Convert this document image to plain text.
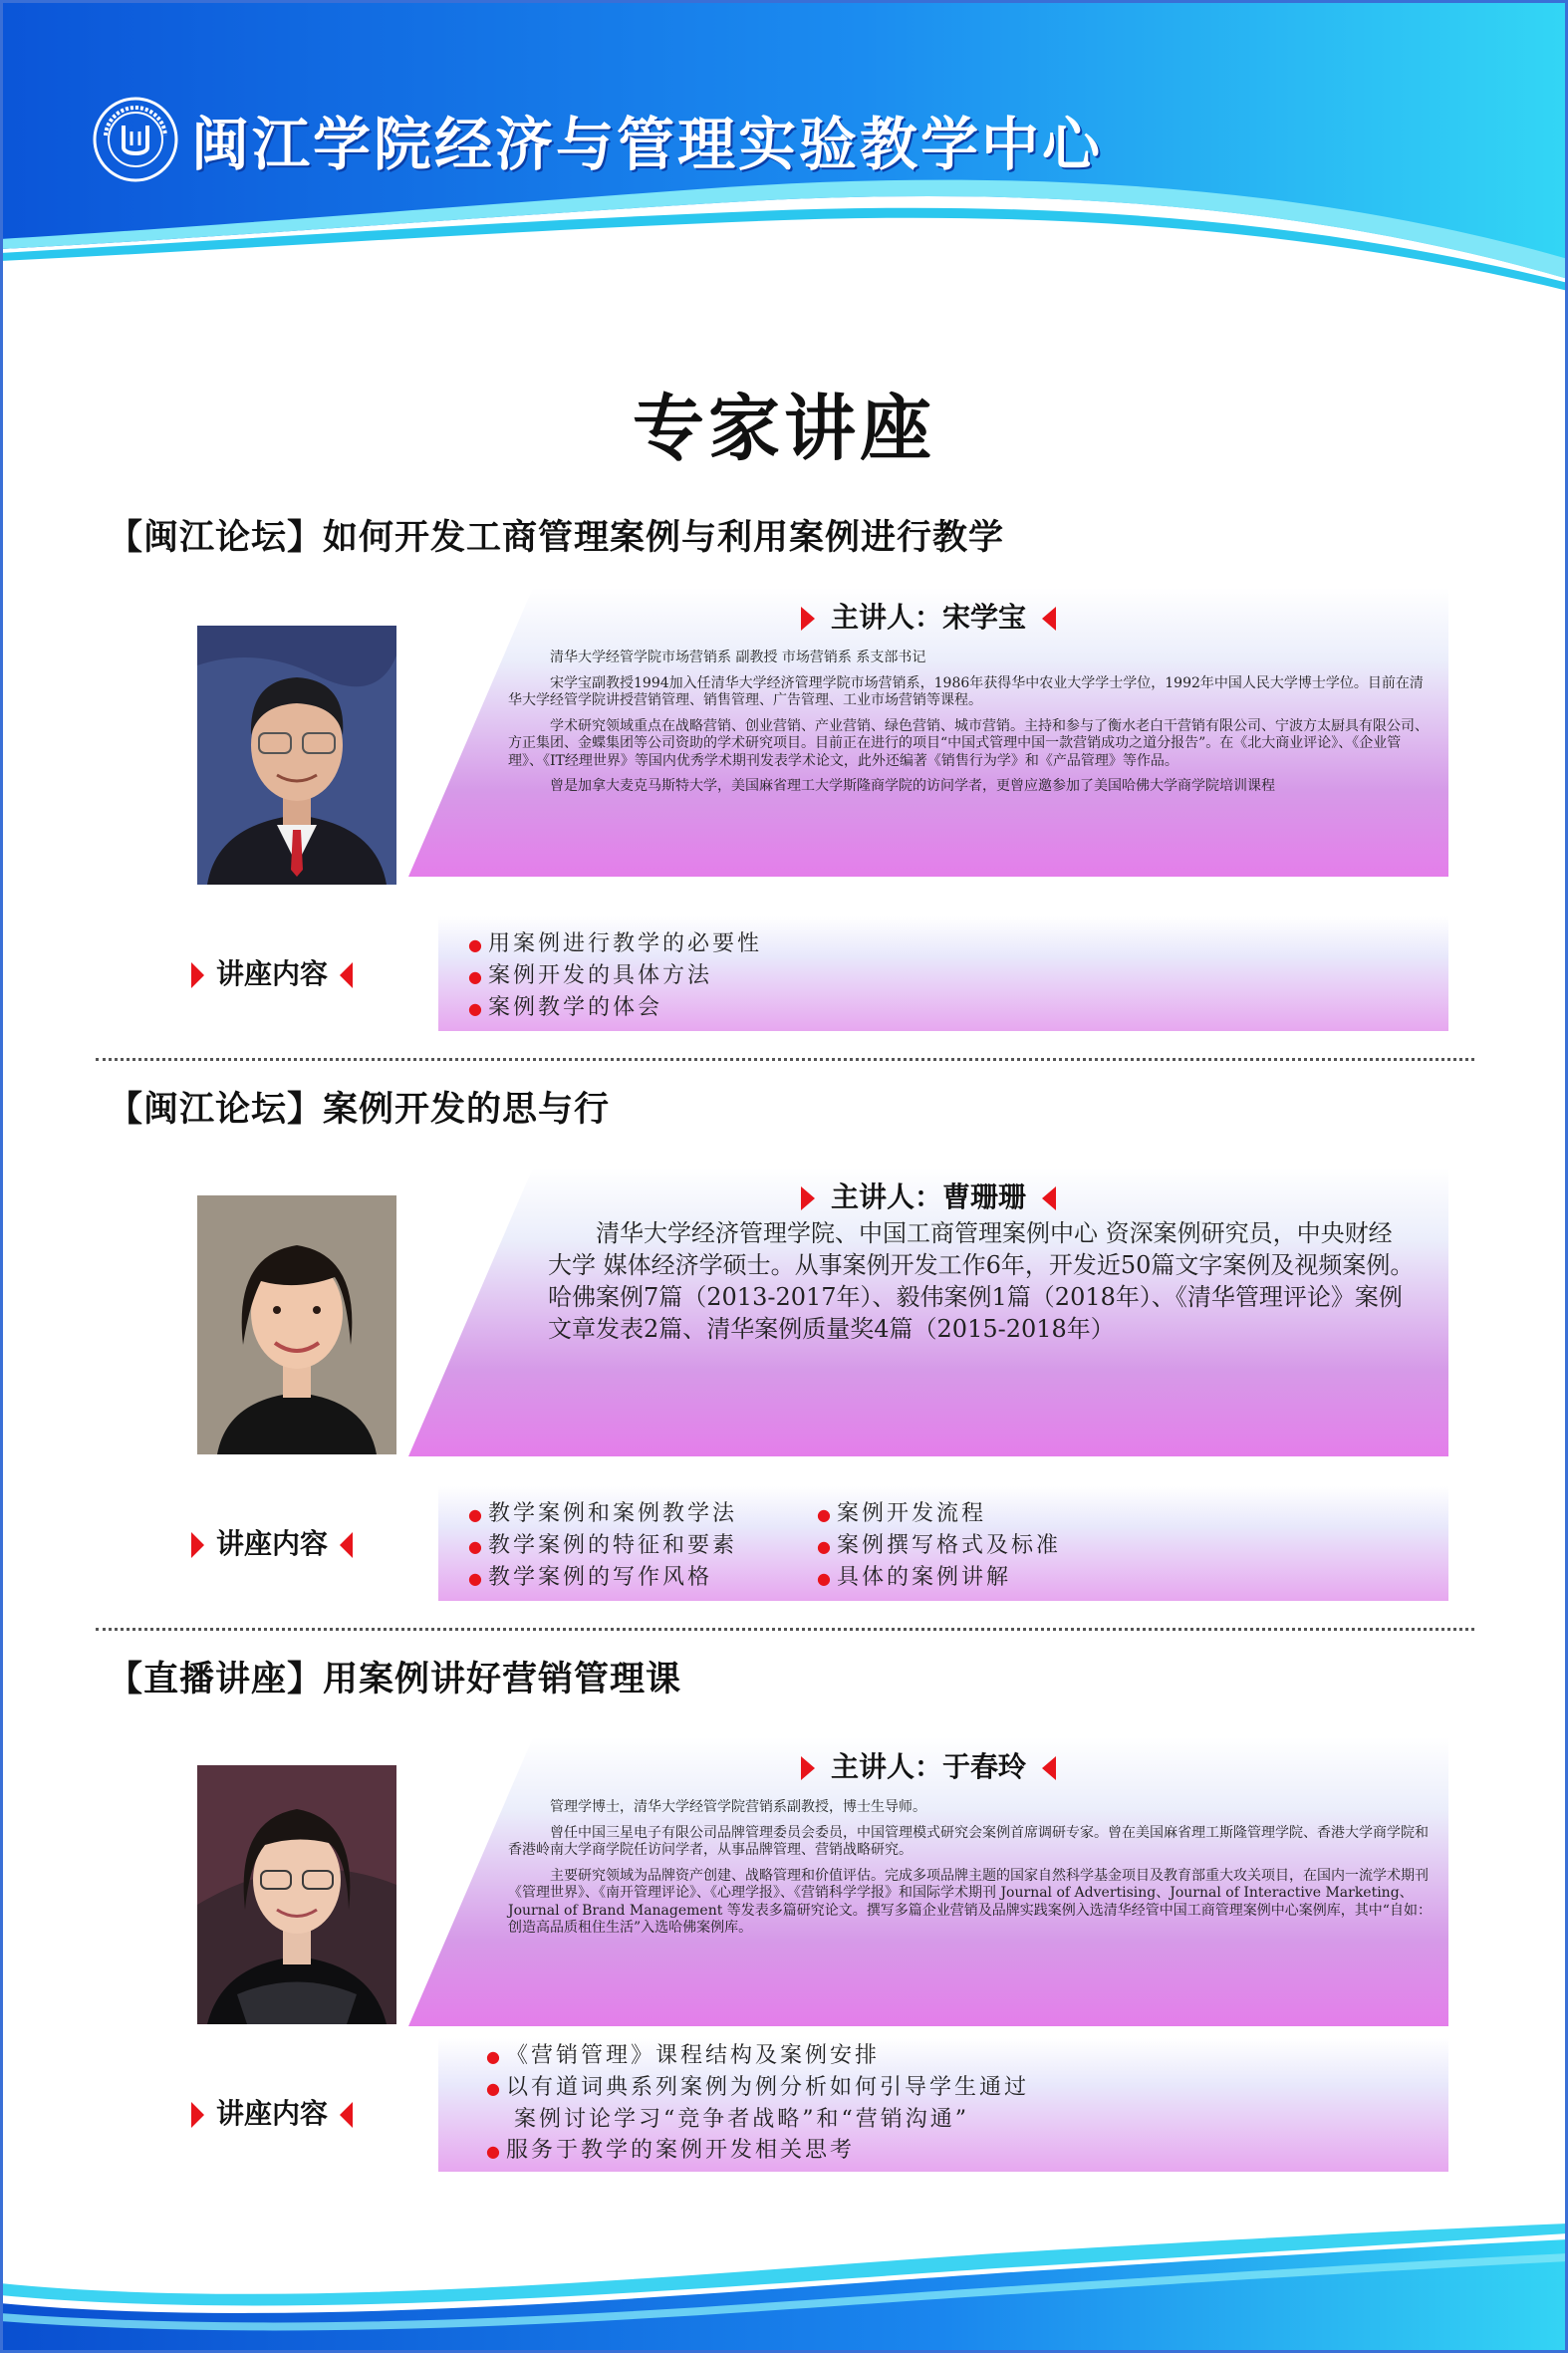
闽江学院经济与管理实验教学中心
专家讲座
【闽江论坛】如何开发工商管理案例与利用案例进行教学
主讲人：宋学宝

清华大学经管学院市场营销系 副教授 市场营销系 系支部书记

宋学宝副教授1994加入任清华大学经济管理学院市场营销系，1986年获得华中农业大学学士学位，1992年中国人民大学博士学位。目前在清华大学经管学院讲授营销管理、销售管理、广告管理、工业市场营销等课程。

学术研究领域重点在战略营销、创业营销、产业营销、绿色营销、城市营销。主持和参与了衡水老白干营销有限公司、宁波方太厨具有限公司、方正集团、金蝶集团等公司资助的学术研究项目。目前正在进行的项目“中国式管理中国一款营销成功之道分报告”。在《北大商业评论》、《企业管理》、《IT经理世界》等国内优秀学术期刊发表学术论文，此外还编著《销售行为学》和《产品管理》等作品。

曾是加拿大麦克马斯特大学，美国麻省理工大学斯隆商学院的访问学者，更曾应邀参加了美国哈佛大学商学院培训课程

讲座内容
● 用案例进行教学的必要性
● 案例开发的具体方法
● 案例教学的体会
【闽江论坛】案例开发的思与行
主讲人：曹珊珊

清华大学经济管理学院、中国工商管理案例中心 资深案例研究员，中央财经大学 媒体经济学硕士。从事案例开发工作6年，开发近50篇文字案例及视频案例。哈佛案例7篇（2013-2017年）、毅伟案例1篇（2018年）、《清华管理评论》案例文章发表2篇、清华案例质量奖4篇（2015-2018年）

讲座内容
● 教学案例和案例教学法
● 教学案例的特征和要素
● 教学案例的写作风格
● 案例开发流程
● 案例撰写格式及标准
● 具体的案例讲解
【直播讲座】用案例讲好营销管理课
主讲人：于春玲

管理学博士，清华大学经管学院营销系副教授，博士生导师。

曾任中国三星电子有限公司品牌管理委员会委员，中国管理模式研究会案例首席调研专家。曾在美国麻省理工斯隆管理学院、香港大学商学院和香港岭南大学商学院任访问学者，从事品牌管理、营销战略研究。

主要研究领域为品牌资产创建、战略管理和价值评估。完成多项品牌主题的国家自然科学基金项目及教育部重大攻关项目，在国内一流学术期刊《管理世界》、《南开管理评论》、《心理学报》、《营销科学学报》和国际学术期刊 Journal of Advertising、Journal of Interactive Marketing、Journal of Brand Management 等发表多篇研究论文。撰写多篇企业营销及品牌实践案例入选清华经管中国工商管理案例中心案例库，其中“自如：创造高品质租住生活”入选哈佛案例库。

讲座内容
● 《营销管理》课程结构及案例安排
● 以有道词典系列案例为例分析如何引导学生通过
案例讨论学习“竞争者战略”和“营销沟通”
● 服务于教学的案例开发相关思考
